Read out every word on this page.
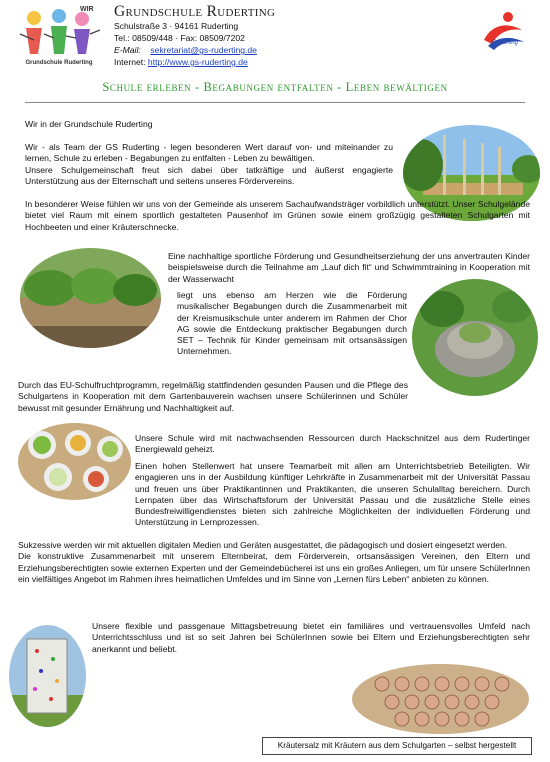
WIR
Grundschule Ruderting
Grundschule Ruderting
Schulstraße 3 · 94161 Ruderting
Tel.: 08509/448 · Fax: 08509/7202
E-Mail: sekretariat@gs-ruderting.de
Internet: http://www.gs-ruderting.de
Ruderting
Schule erleben - Begabungen entfalten - Leben bewältigen
Wir in der Grundschule Ruderting

Wir - als Team der GS Ruderting - legen besonderen Wert darauf von- und miteinander zu lernen, Schule zu erleben - Begabungen zu entfalten - Leben zu bewältigen.

Unsere Schulgemeinschaft freut sich dabei über tatkräftige und äußerst engagierte Unterstützung aus der Elternschaft und seitens unseres Fördervereins.

In besonderer Weise fühlen wir uns von der Gemeinde als unserem Sachaufwandsträger vorbildlich unterstützt. Unser Schulgelände bietet viel Raum mit einem sportlich gestalteten Pausenhof im Grünen sowie einem großzügig gestalteten Schulgarten mit Hochbeeten und einer Kräuterschnecke.
Eine nachhaltige sportliche Förderung und Gesundheitserziehung der uns anvertrauten Kinder beispielsweise durch die Teilnahme am „Lauf dich fit“ und Schwimmtraining in Kooperation mit der Wasserwacht
liegt uns ebenso am Herzen wie die Förderung musikalischer Begabungen durch die Zusammenarbeit mit der Kreismusikschule unter anderem im Rahmen der Chor AG sowie die Entdeckung praktischer Begabungen durch SET – Technik für Kinder gemeinsam mit ortsansässigen Unternehmen.
Durch das EU-Schulfruchtprogramm, regelmäßig stattfindenden gesunden Pausen und die Pflege des Schulgartens in Kooperation mit dem Gartenbauverein wachsen unsere Schülerinnen und Schüler bewusst mit gesunder Ernährung und Nachhaltigkeit auf.
Unsere Schule wird mit nachwachsenden Ressourcen durch Hackschnitzel aus dem Rudertinger Energiewald geheizt.
Einen hohen Stellenwert hat unsere Teamarbeit mit allen am Unterrichtsbetrieb Beteiligten. Wir engagieren uns in der Ausbildung künftiger Lehrkräfte in Zusammenarbeit mit der Universität Passau und freuen uns über Praktikantinnen und Praktikanten, die unseren Schulalltag bereichern. Durch Lernpaten über das Wirtschaftsforum der Universität Passau und die zusätzliche Stelle eines Bundesfreiwilligendienstes bieten sich zahlreiche Möglichkeiten der individuellen Förderung und Unterstützung in Lernprozessen.

Sukzessive werden wir mit aktuellen digitalen Medien und Geräten ausgestattet, die pädagogisch und dosiert eingesetzt werden.

Die konstruktive Zusammenarbeit mit unserem Elternbeirat, dem Förderverein, ortsansässigen Vereinen, den Eltern und Erziehungsberechtigten sowie externen Experten und der Gemeindebücherei ist uns ein großes Anliegen, um für unsere SchülerInnen ein vielfältiges Angebot im Rahmen ihres heimatlichen Umfeldes und im Sinne von „Lernen fürs Leben“ anbieten zu können.

Unsere flexible und passgenaue Mittagsbetreuung bietet ein familiäres und vertrauensvolles Umfeld nach Unterrichtsschluss und ist so seit Jahren bei SchülerInnen sowie bei Eltern und Erziehungsberechtigten sehr anerkannt und beliebt.
Kräutersalz mit Kräutern aus dem Schulgarten – selbst hergestellt
